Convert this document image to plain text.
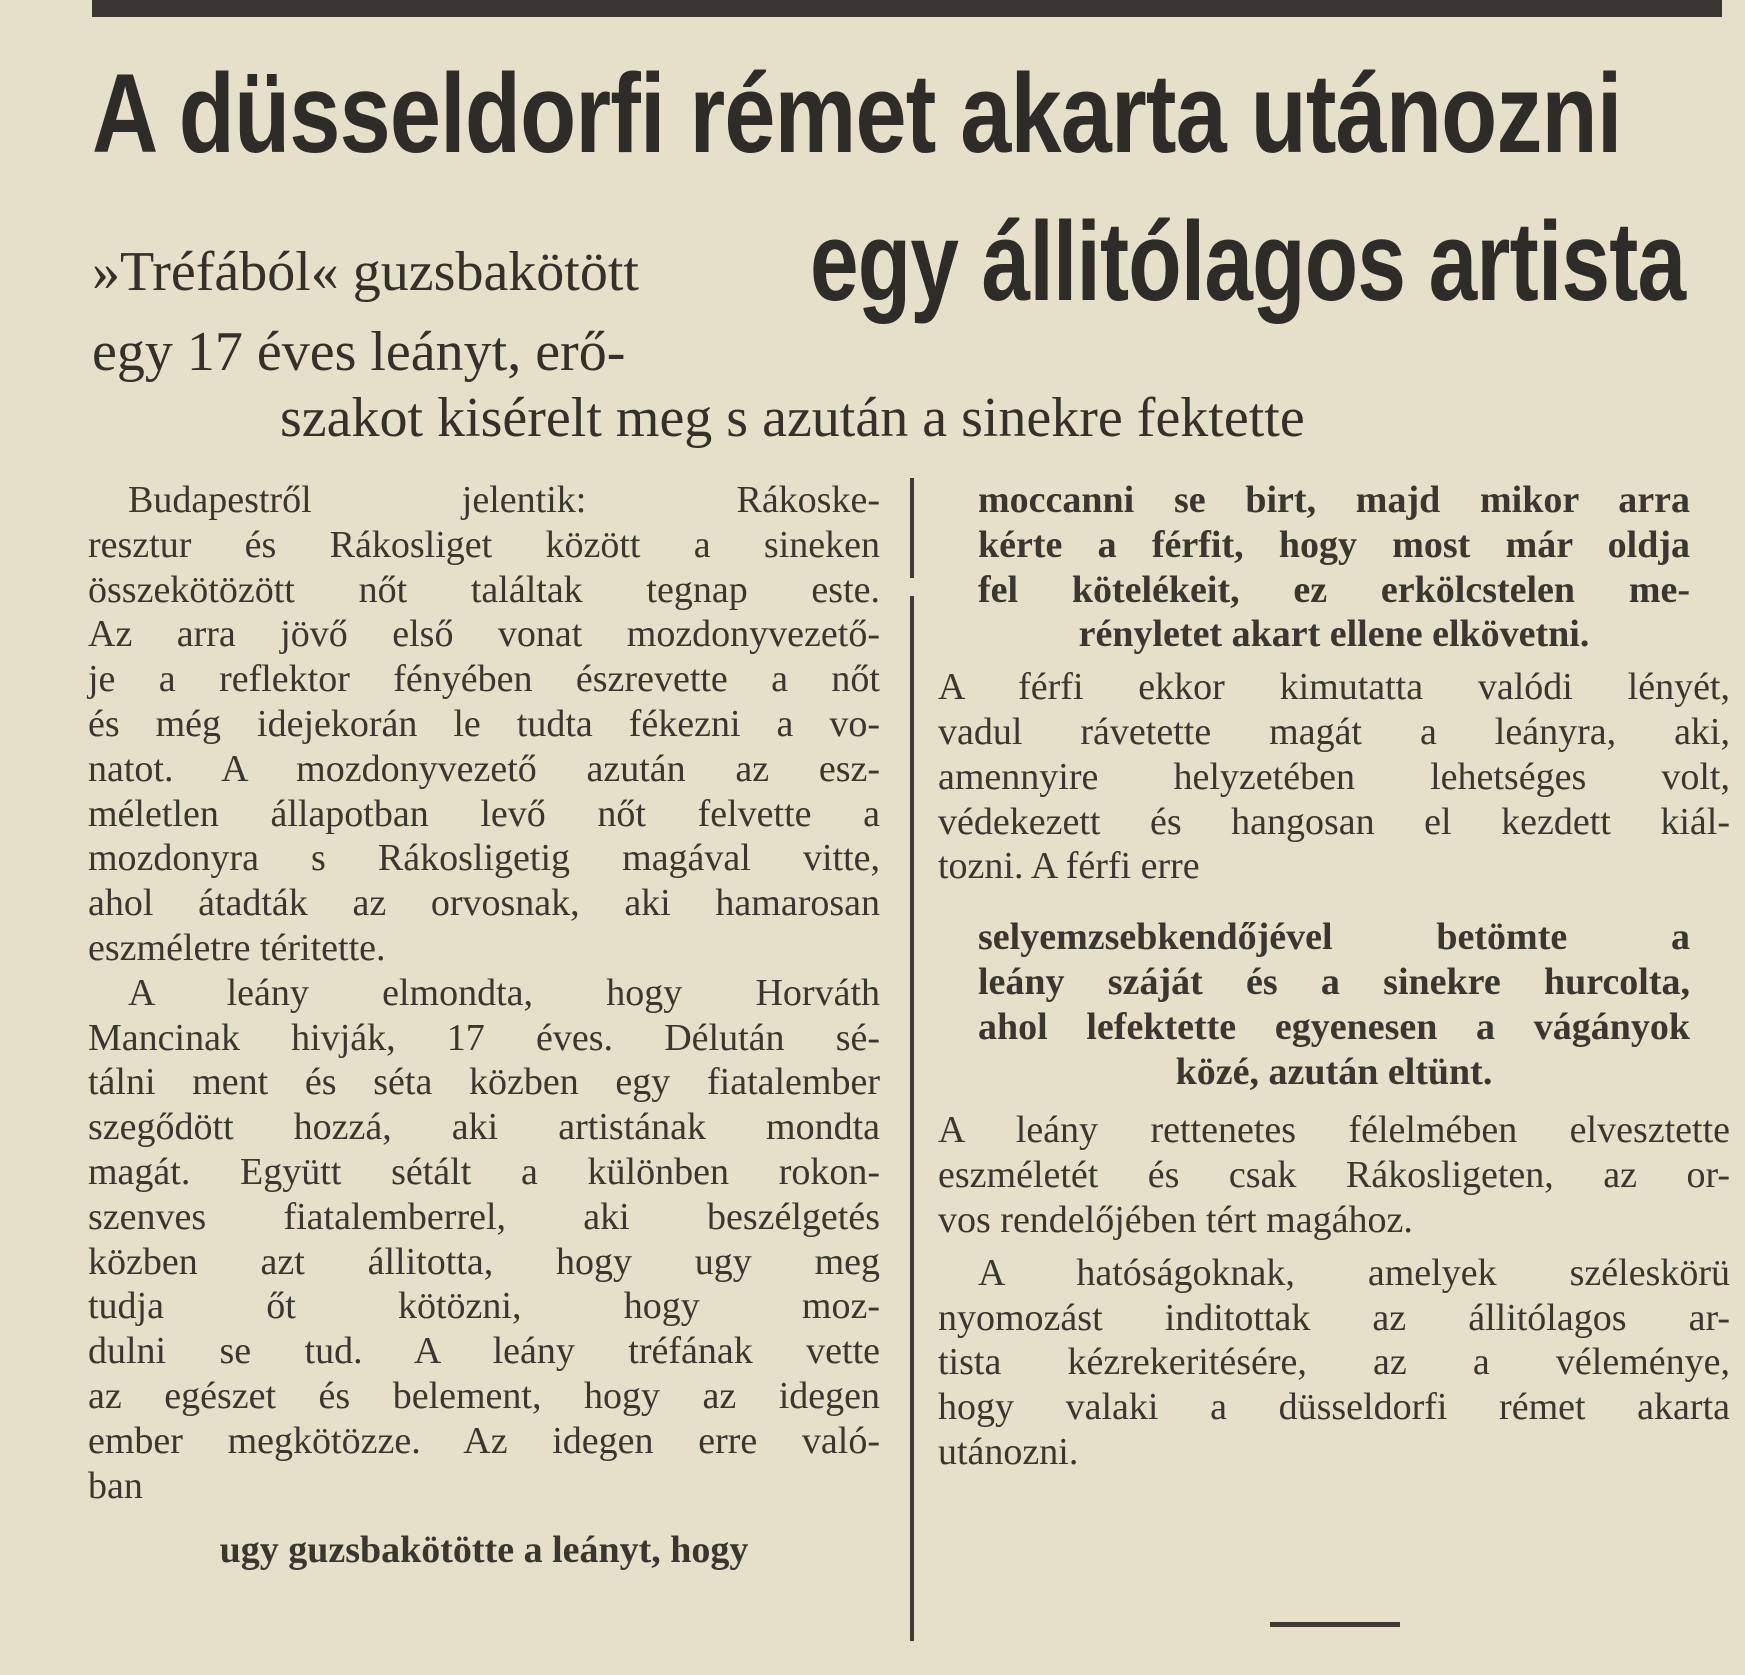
A düsseldorfi rémet akarta utánozni
egy állitólagos artista

»Tréfából« guzsbakötött

egy 17 éves leányt, erő-

szakot kisérelt meg s azután a sinekre fektette

Budapestről jelentik: Rákoske-

resztur és Rákosliget között a sineken

összekötözött nőt találtak tegnap este.

Az arra jövő első vonat mozdonyvezető-

je a reflektor fényében észrevette a nőt

és még idejekorán le tudta fékezni a vo-

natot. A mozdonyvezető azután az esz-

méletlen állapotban levő nőt felvette a

mozdonyra s Rákosligetig magával vitte,

ahol átadták az orvosnak, aki hamarosan

eszméletre téritette.

A leány elmondta, hogy Horváth

Mancinak hivják, 17 éves. Délután sé-

tálni ment és séta közben egy fiatalember

szegődött hozzá, aki artistának mondta

magát. Együtt sétált a különben rokon-

szenves fiatalemberrel, aki beszélgetés

közben azt állitotta, hogy ugy meg

tudja őt kötözni, hogy moz-

dulni se tud. A leány tréfának vette

az egészet és belement, hogy az idegen

ember megkötözze. Az idegen erre való-

ban

ugy guzsbakötötte a leányt, hogy

moccanni se birt, majd mikor arra

kérte a férfit, hogy most már oldja

fel kötelékeit, ez erkölcstelen me-

rényletet akart ellene elkövetni.

A férfi ekkor kimutatta valódi lényét,

vadul rávetette magát a leányra, aki,

amennyire helyzetében lehetséges volt,

védekezett és hangosan el kezdett kiál-

tozni. A férfi erre

selyemzsebkendőjével betömte a

leány száját és a sinekre hurcolta,

ahol lefektette egyenesen a vágányok

közé, azután eltünt.

A leány rettenetes félelmében elvesztette

eszméletét és csak Rákosligeten, az or-

vos rendelőjében tért magához.

A hatóságoknak, amelyek széleskörü

nyomozást inditottak az állitólagos ar-

tista kézrekeritésére, az a véleménye,

hogy valaki a düsseldorfi rémet akarta

utánozni.
